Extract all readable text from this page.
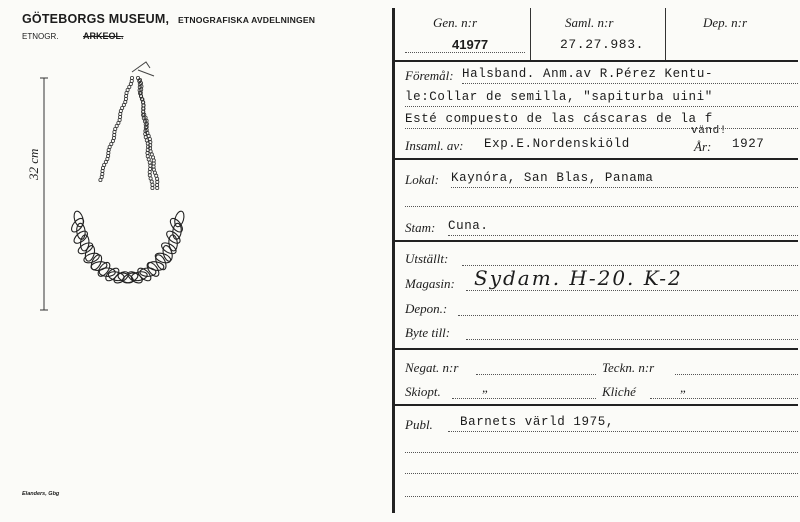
GÖTEBORGS MUSEUM, ETNOGRAFISKA AVDELNINGEN
ETNOGR.	ARKEOL.
32 cm
Elanders, Gbg
Gen. n:r
41977
Saml. n:r
27.27.983.
Dep. n:r
Föremål: Halsband. Anm.av R.Pérez Kentu-
le:Collar de semilla, "sapiturba uini"
Esté compuesto de las cáscaras de la f
vänd!
Insaml. av: Exp.E.Nordenskiöld	År: 1927
Lokal: Kaynóra, San Blas, Panama
Stam: Cuna.
Utställt:
Magasin: Sydam. H-20. K-2
Depon.:
Byte till:
Negat. n:r	Teckn. n:r
Skiopt.	„	Kliché	„
Publ. Barnets värld 1975,
